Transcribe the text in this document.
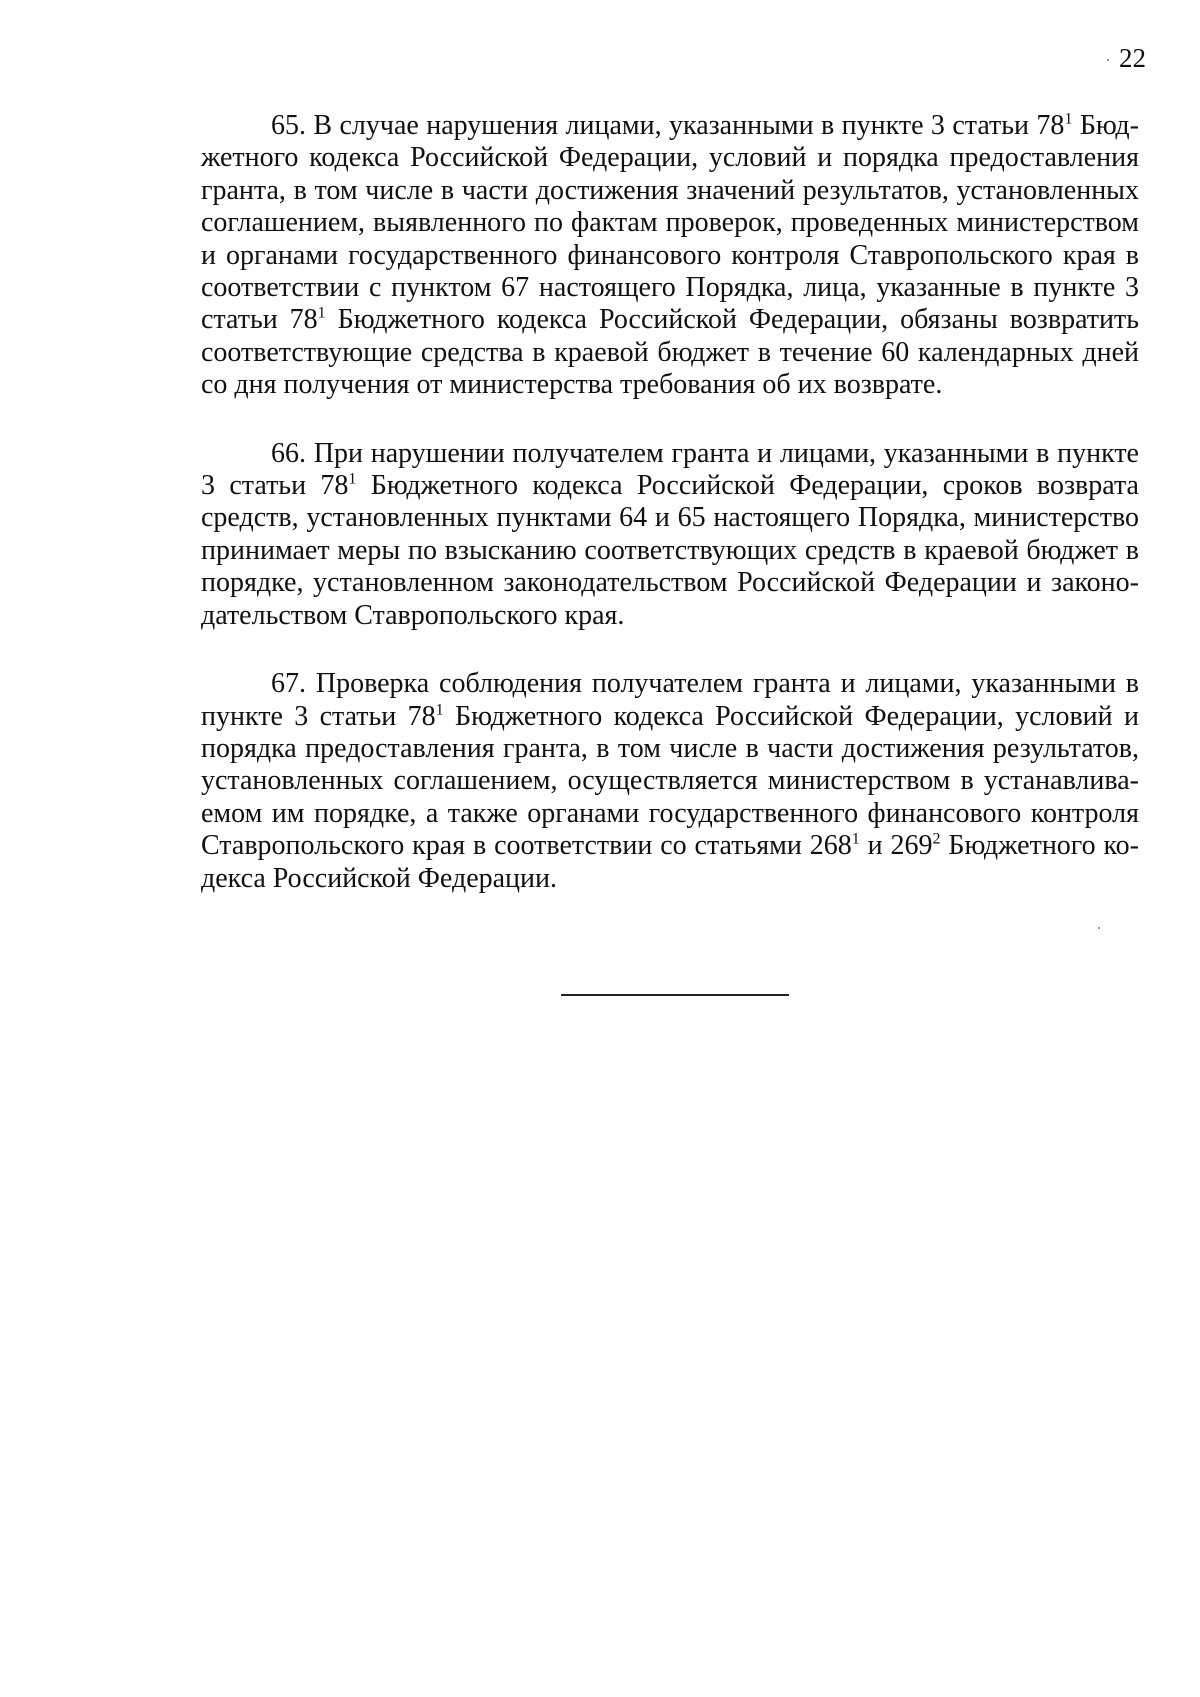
22

65. В случае нарушения лицами, указанными в пункте 3 статьи $78^1$ Бюджетного кодекса Российской Федерации, условий и порядка предоставления гранта, в том числе в части достижения значений результатов, установленных соглашением, выявленного по фактам проверок, проведенных министерством и органами государственного финансового контроля Ставропольского края в соответствии с пунктом 67 настоящего Порядка, лица, указанные в пункте 3 статьи $78^1$ Бюджетного кодекса Российской Федерации, обязаны возвратить соответствующие средства в краевой бюджет в течение 60 календарных дней со дня получения от министерства требования об их возврате.

66. При нарушении получателем гранта и лицами, указанными в пункте 3 статьи $78^1$ Бюджетного кодекса Российской Федерации, сроков возврата средств, установленных пунктами 64 и 65 настоящего Порядка, министерство принимает меры по взысканию соответствующих средств в краевой бюджет в порядке, установленном законодательством Российской Федерации и законодательством Ставропольского края.

67. Проверка соблюдения получателем гранта и лицами, указанными в пункте 3 статьи $78^1$ Бюджетного кодекса Российской Федерации, условий и порядка предоставления гранта, в том числе в части достижения результатов, установленных соглашением, осуществляется министерством в устанавливаемом им порядке, а также органами государственного финансового контроля Ставропольского края в соответствии со статьями $268^1$ и $269^2$ Бюджетного кодекса Российской Федерации.
